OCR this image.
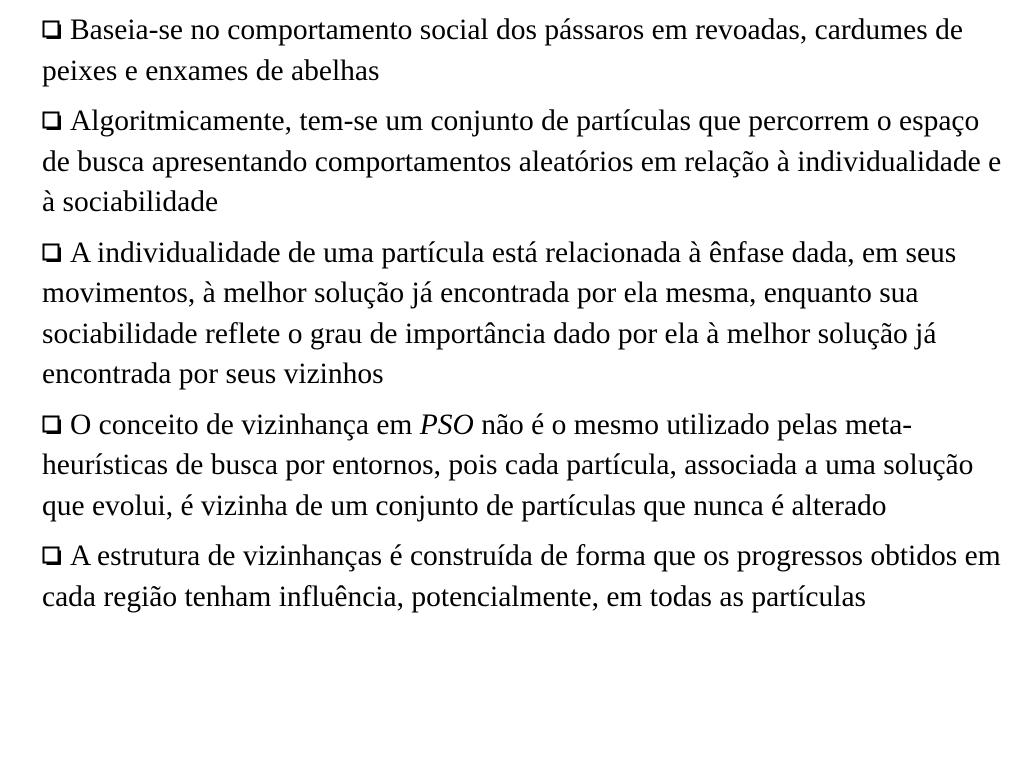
Baseia-se no comportamento social dos pássaros em revoadas, cardumes de peixes e enxames de abelhas

Algoritmicamente, tem-se um conjunto de partículas que percorrem o espaço de busca apresentando comportamentos aleatórios em relação à individualidade e à sociabilidade

A individualidade de uma partícula está relacionada à ênfase dada, em seus movimentos, à melhor solução já encontrada por ela mesma, enquanto sua sociabilidade reflete o grau de importância dado por ela à melhor solução já encontrada por seus vizinhos

O conceito de vizinhança em PSO não é o mesmo utilizado pelas meta-heurísticas de busca por entornos, pois cada partícula, associada a uma solução que evolui, é vizinha de um conjunto de partículas que nunca é alterado

A estrutura de vizinhanças é construída de forma que os progressos obtidos em cada região tenham influência, potencialmente, em todas as partículas
